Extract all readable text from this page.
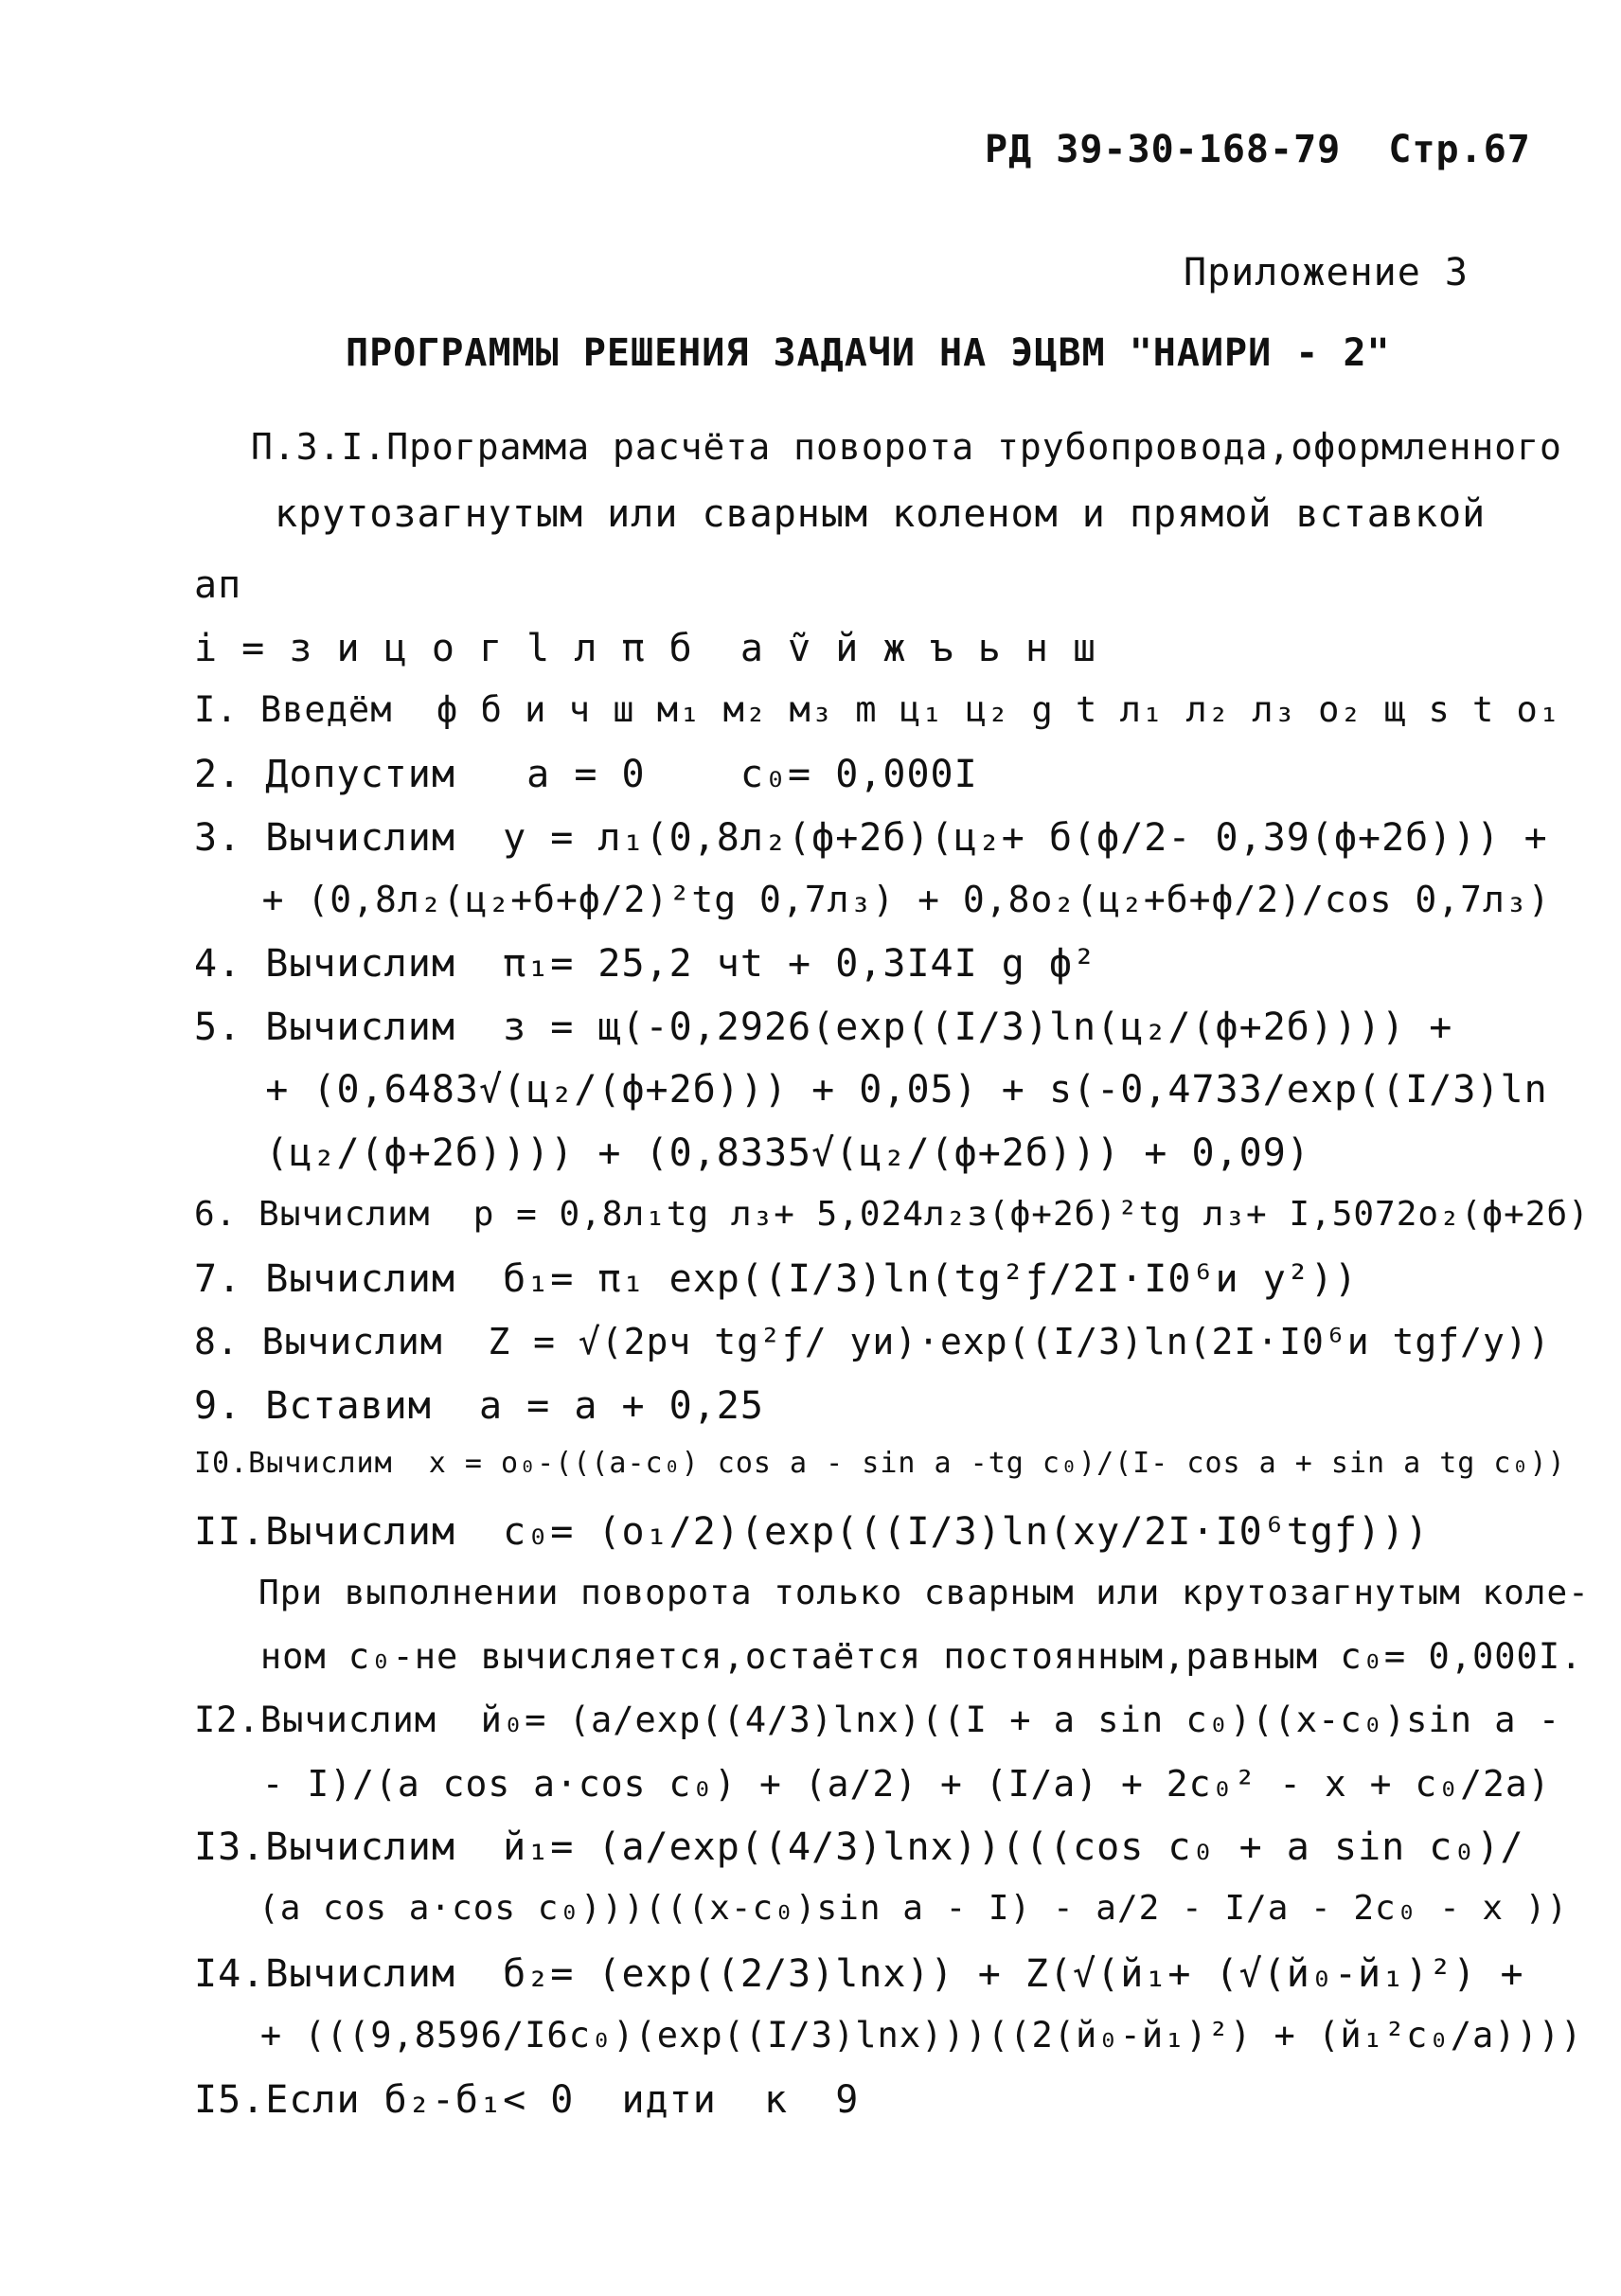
РД 39-30-168-79  Стр.67
Приложение 3
ПРОГРАММЫ РЕШЕНИЯ ЗАДАЧИ НА ЭЦВМ "НАИРИ - 2"
П.3.I.Программа расчёта поворота трубопровода,оформленного
крутозагнутым или сварным коленом и прямой вставкой
ап
i = з и ц о г l л π б  а ṽ й ж ъ ь н ш
I. Введём  ф б и ч ш м₁ м₂ м₃ m ц₁ ц₂ g t л₁ л₂ л₃ о₂ щ s t о₁
2. Допустим   а = 0    с₀= 0,000I
3. Вычислим  у = л₁(0,8л₂(ф+2б)(ц₂+ б(ф/2- 0,39(ф+2б))) +
+ (0,8л₂(ц₂+б+ф/2)²tg 0,7л₃) + 0,8о₂(ц₂+б+ф/2)/cos 0,7л₃)
4. Вычислим  π₁= 25,2 чt + 0,3I4I g ф²
5. Вычислим  з = щ(-0,2926(exp((I/3)ln(ц₂/(ф+2б)))) +
+ (0,6483√(ц₂/(ф+2б))) + 0,05) + s(-0,4733/exp((I/3)ln
(ц₂/(ф+2б)))) + (0,8335√(ц₂/(ф+2б))) + 0,09)
6. Вычислим  р = 0,8л₁tg л₃+ 5,024л₂з(ф+2б)²tg л₃+ I,5072о₂(ф+2б)
7. Вычислим  б₁= π₁ exp((I/3)ln(tg²ƒ/2I·I0⁶и у²))
8. Вычислим  Z = √(2рч tg²ƒ/ уи)·exp((I/3)ln(2I·I0⁶и tgƒ/у))
9. Вставим  а = а + 0,25
I0.Вычислим  х = о₀-(((а-с₀) cos а - sin а -tg с₀)/(I- cos а + sin а tg с₀))
II.Вычислим  с₀= (о₁/2)(exp(((I/3)ln(ху/2I·I0⁶tgƒ)))
При выполнении поворота только сварным или крутозагнутым коле-
ном с₀-не вычисляется,остаётся постоянным,равным с₀= 0,000I.
I2.Вычислим  й₀= (а/exp((4/3)lnх)((I + а sin с₀)((х-с₀)sin а -
- I)/(а cos а·cos с₀) + (а/2) + (I/а) + 2с₀² - х + с₀/2а)
I3.Вычислим  й₁= (а/exp((4/3)lnх))(((cos с₀ + а sin с₀)/
(а cos а·cos с₀)))(((х-с₀)sin а - I) - а/2 - I/а - 2с₀ - х ))
I4.Вычислим  б₂= (exp((2/3)lnх)) + Z(√(й₁+ (√(й₀-й₁)²) +
+ (((9,8596/I6с₀)(exp((I/3)lnх)))((2(й₀-й₁)²) + (й₁²с₀/а))))
I5.Если б₂-б₁< 0  идти  к  9
